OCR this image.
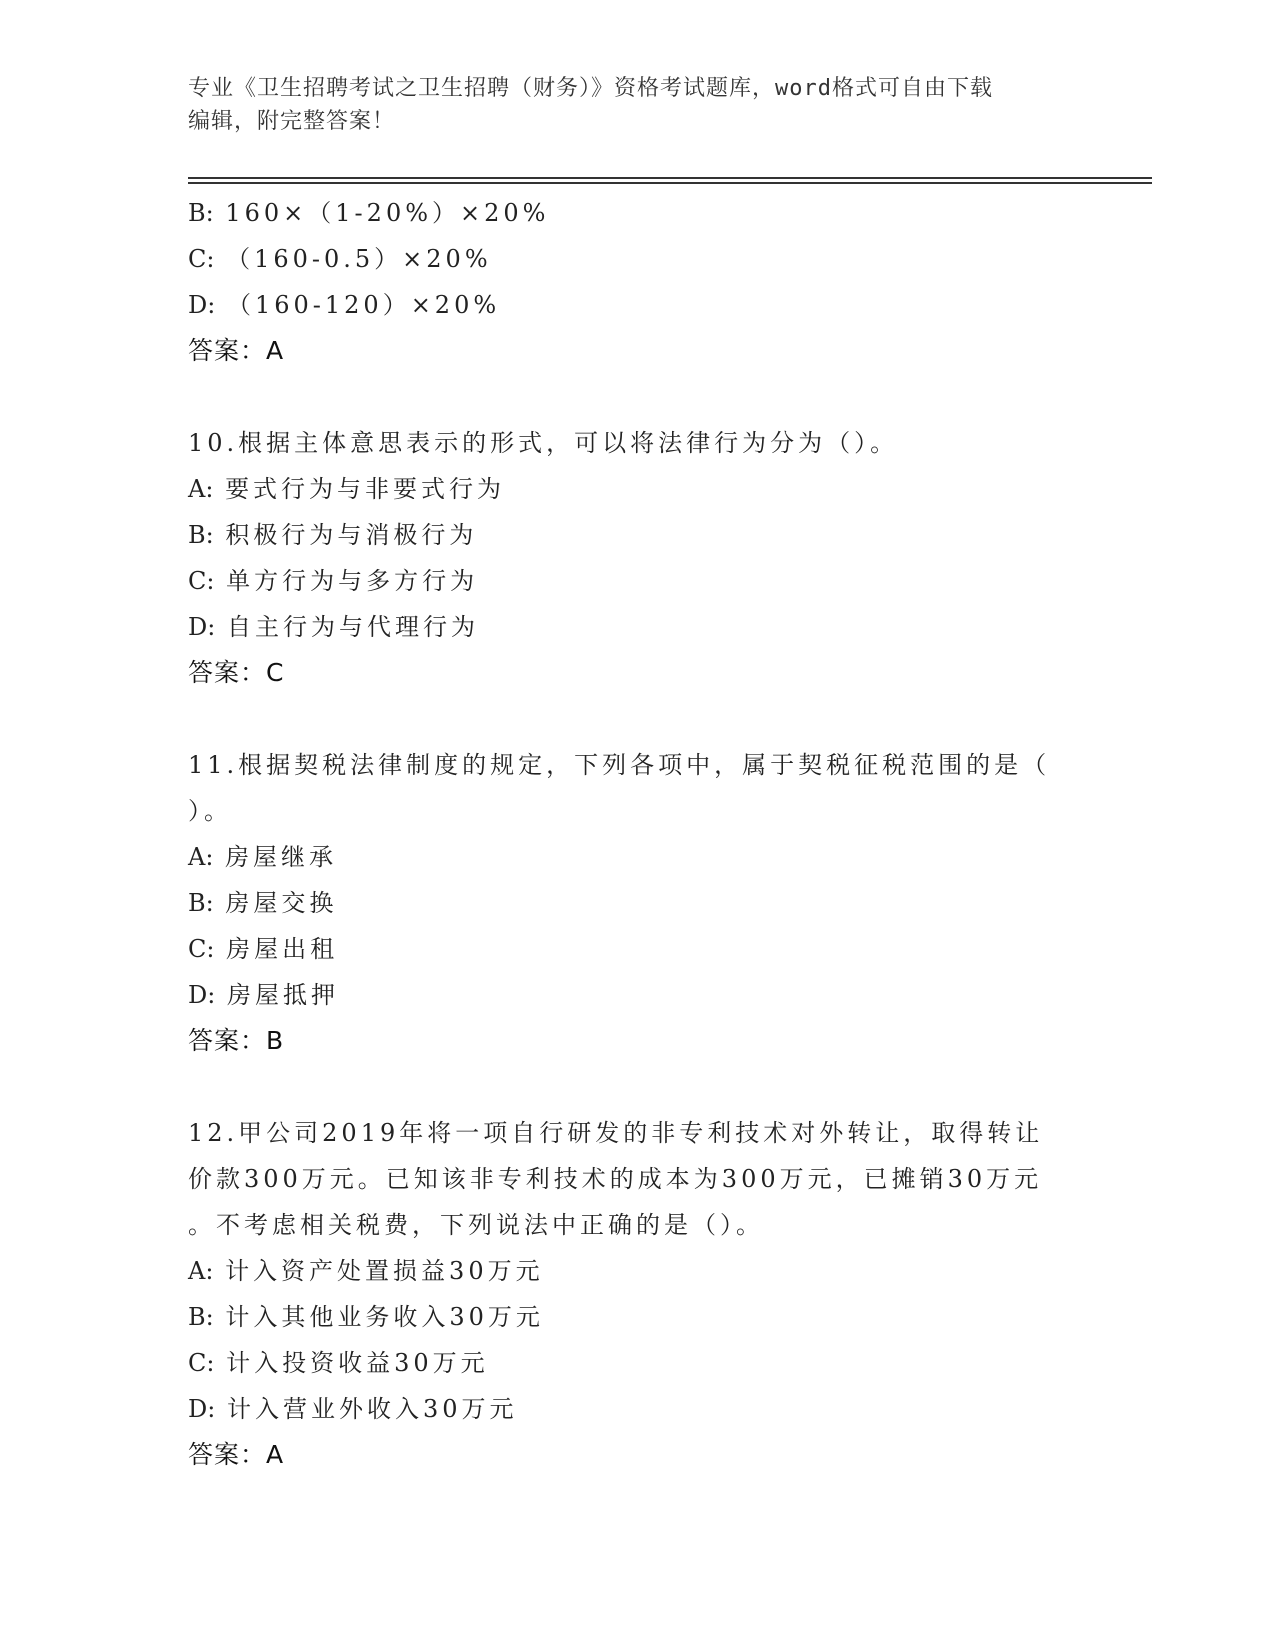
专业《卫生招聘考试之卫生招聘（财务）》资格考试题库，word格式可自由下载
编辑，附完整答案！
B: 160×（1-20%）×20%
C: （160-0.5）×20%
D: （160-120）×20%
答案：A
10.根据主体意思表示的形式，可以将法律行为分为（）。
A: 要式行为与非要式行为
B: 积极行为与消极行为
C: 单方行为与多方行为
D: 自主行为与代理行为
答案：C
11.根据契税法律制度的规定，下列各项中，属于契税征税范围的是（
）。
A: 房屋继承
B: 房屋交换
C: 房屋出租
D: 房屋抵押
答案：B
12.甲公司2019年将一项自行研发的非专利技术对外转让，取得转让
价款300万元。已知该非专利技术的成本为300万元，已摊销30万元
。不考虑相关税费，下列说法中正确的是（）。
A: 计入资产处置损益30万元
B: 计入其他业务收入30万元
C: 计入投资收益30万元
D: 计入营业外收入30万元
答案：A
